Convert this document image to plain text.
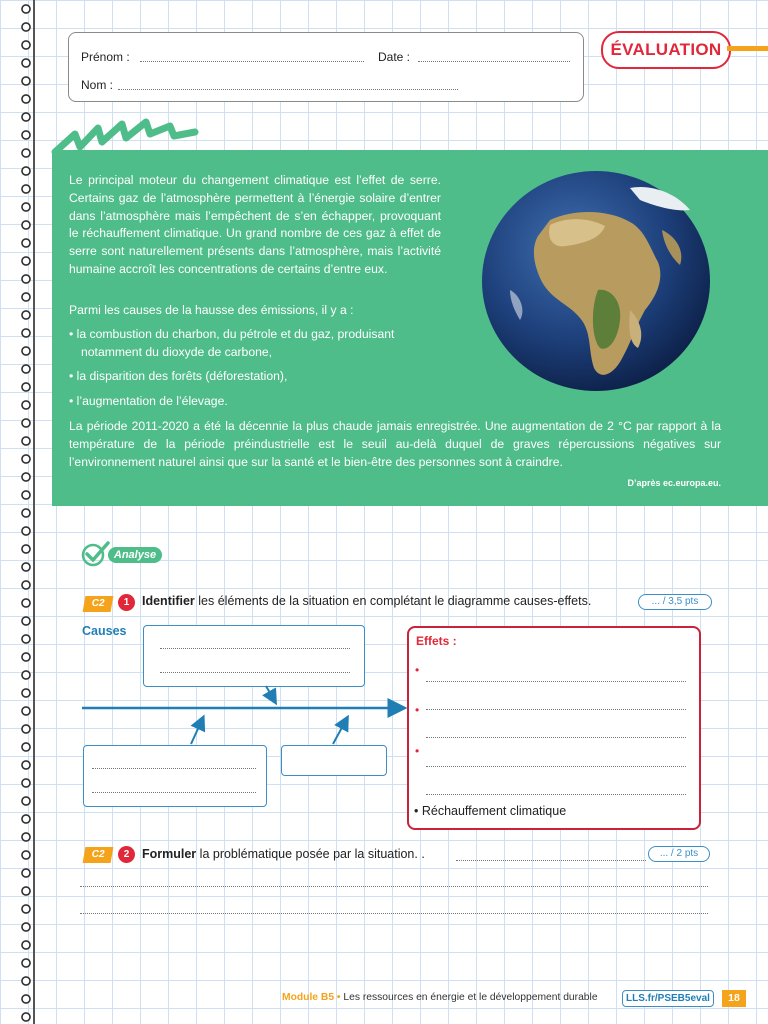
Prénom :	Date :
Nom :
ÉVALUATION
Le principal moteur du changement climatique est l’effet de serre. Certains gaz de l’atmosphère permettent à l’énergie solaire d’entrer dans l’atmosphère mais l’empêchent de s’en échapper, provoquant le réchauffement climatique. Un grand nombre de ces gaz à effet de serre sont naturellement présents dans l’atmosphère, mais l’activité humaine accroît les concentrations de certains d’entre eux.
Parmi les causes de la hausse des émissions, il y a :
• la combustion du charbon, du pétrole et du gaz, produisant notamment du dioxyde de carbone,
• la disparition des forêts (déforestation),
• l’augmentation de l’élevage.
La période 2011-2020 a été la décennie la plus chaude jamais enregistrée. Une augmentation de 2 °C par rapport à la température de la période préindustrielle est le seuil au-delà duquel de graves répercussions négatives sur l’environnement naturel ainsi que sur la santé et le bien-être des personnes sont à craindre.
D’après ec.europa.eu.
Analyse
C2	1	Identifier les éléments de la situation en complétant le diagramme causes-effets.	... / 3,5 pts
Causes
Effets :
•
•
•
• Réchauffement climatique
C2	2	Formuler la problématique posée par la situation. .	... / 2 pts
Module B5 • Les ressources en énergie et le développement durable	LLS.fr/PSEB5eval	18
